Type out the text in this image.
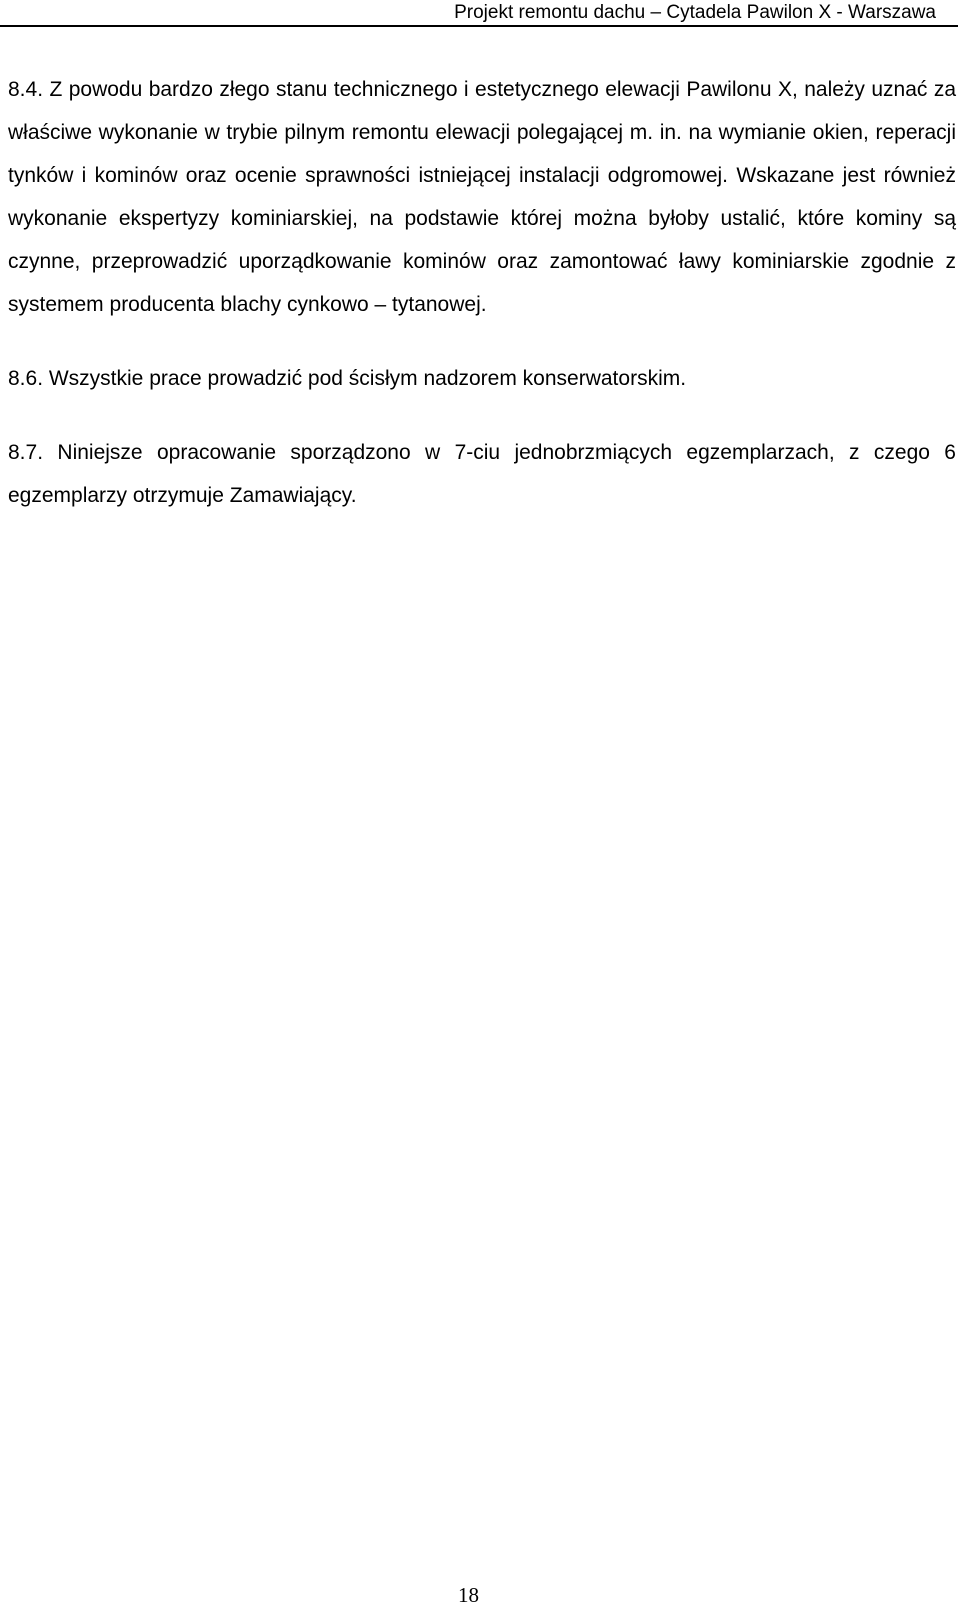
Projekt remontu dachu – Cytadela Pawilon X - Warszawa

8.4. Z powodu bardzo złego stanu technicznego i estetycznego elewacji Pawilonu X, należy uznać za właściwe wykonanie w trybie pilnym remontu elewacji polegającej m. in. na wymianie okien, reperacji tynków i kominów oraz ocenie sprawności istniejącej instalacji odgromowej. Wskazane jest również wykonanie ekspertyzy kominiarskiej, na podstawie której można byłoby ustalić, które kominy są czynne, przeprowadzić uporządkowanie kominów oraz zamontować ławy kominiarskie zgodnie z systemem producenta blachy cynkowo – tytanowej.

8.6. Wszystkie prace prowadzić pod ścisłym nadzorem konserwatorskim.

8.7. Niniejsze opracowanie sporządzono w 7-ciu jednobrzmiących egzemplarzach, z czego 6 egzemplarzy otrzymuje Zamawiający.

18
